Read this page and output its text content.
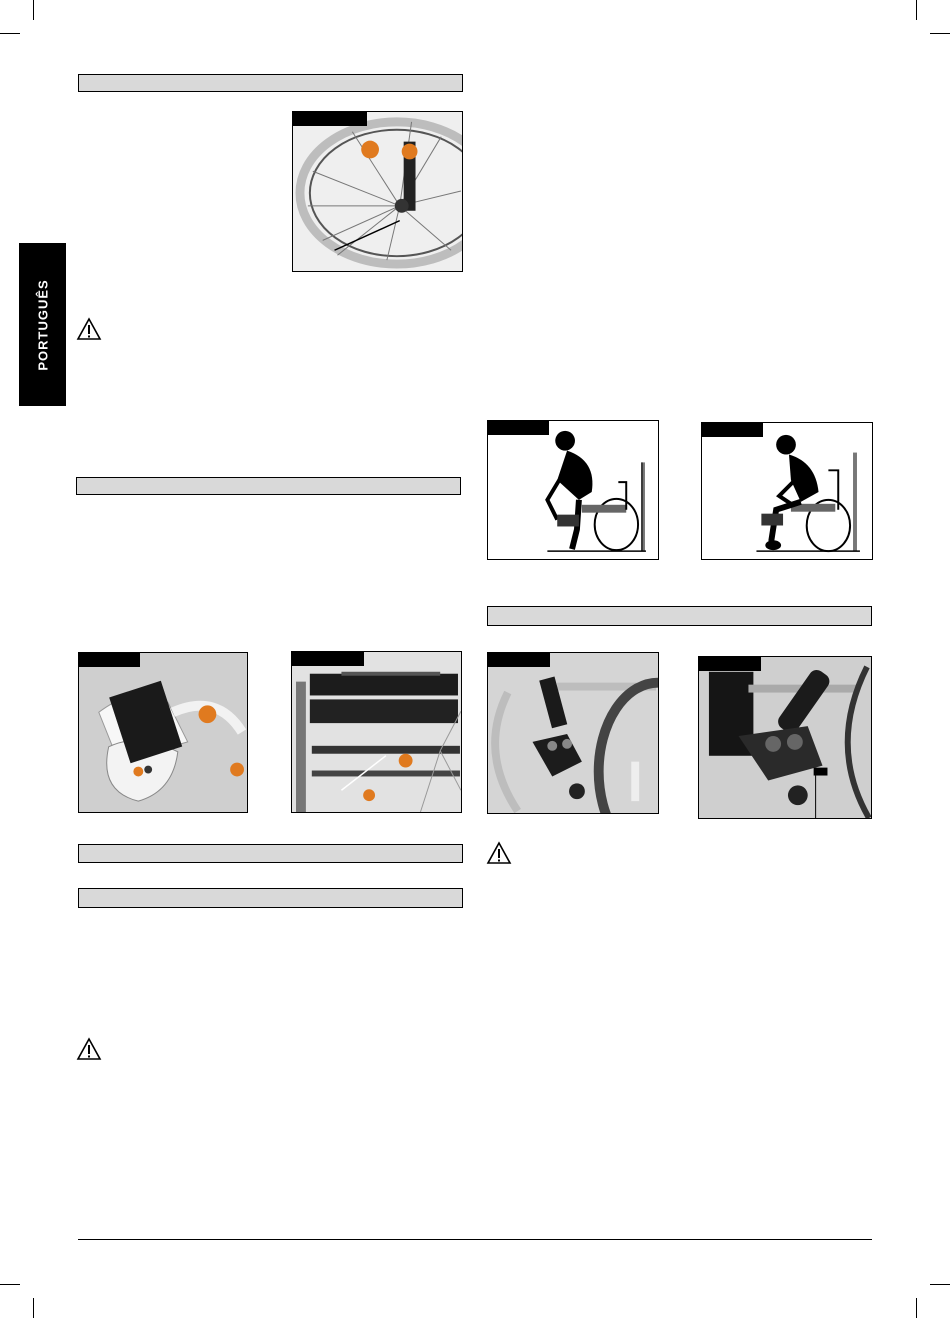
PORTUGUÊS
